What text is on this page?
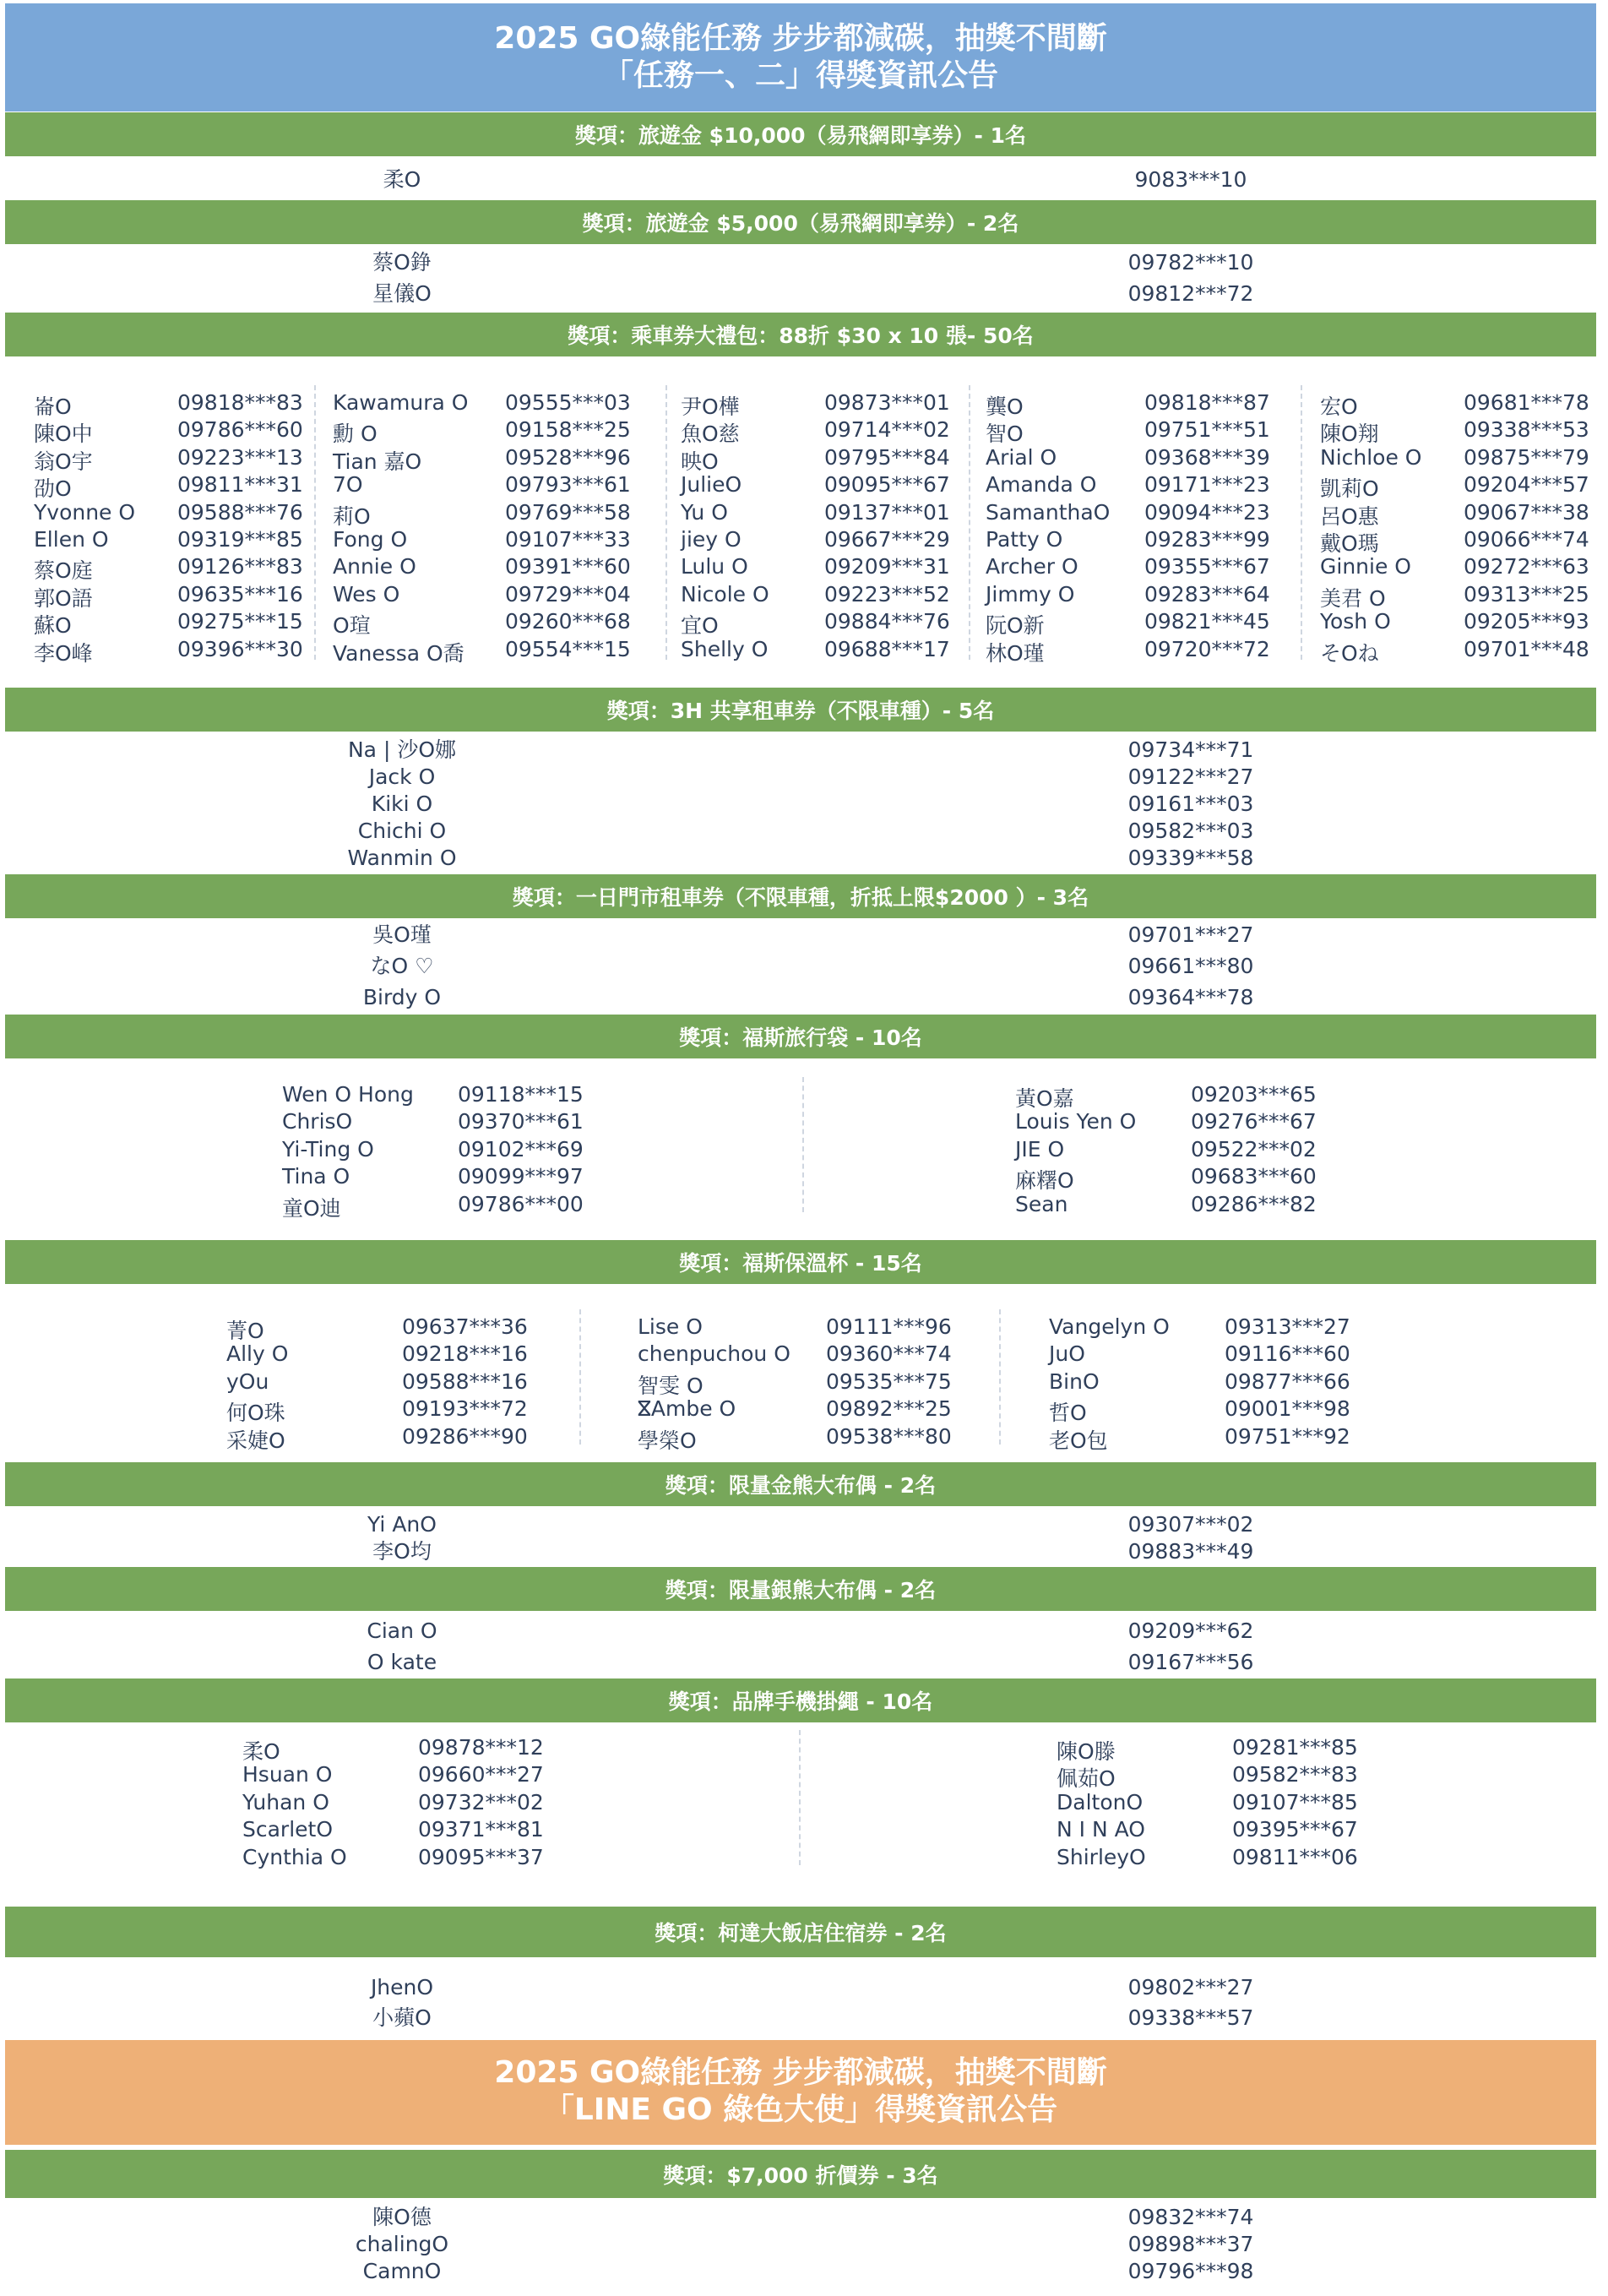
2025 GO綠能任務 步步都減碳，抽獎不間斷
「任務一、二」得獎資訊公告
獎項：旅遊金 $10,000（易飛網即享券）- 1名
獎項：旅遊金 $5,000（易飛網即享券）- 2名
獎項：乘車券大禮包：88折 $30 x 10 張- 50名
獎項：3H 共享租車券（不限車種）- 5名
獎項：一日門市租車券（不限車種，折抵上限$2000 ）- 3名
獎項：福斯旅行袋 - 10名
獎項：福斯保溫杯 - 15名
獎項：限量金熊大布偶 - 2名
獎項：限量銀熊大布偶 - 2名
獎項：品牌手機掛繩 - 10名
獎項：柯達大飯店住宿券 - 2名
2025 GO綠能任務 步步都減碳，抽獎不間斷
「LINE GO 綠色大使」得獎資訊公告
獎項：$7,000 折價券 - 3名
柔O	9083***10
蔡O錚	09782***10
星儀O	09812***72
Na | 沙O娜	09734***71
Jack O	09122***27
Kiki O	09161***03
Chichi O	09582***03
Wanmin O	09339***58
吳O瑾	09701***27
なO ♡	09661***80
Birdy O	09364***78
Yi AnO	09307***02
李O均	09883***49
Cian O	09209***62
O kate	09167***56
JhenO	09802***27
小蘋O	09338***57
陳O德	09832***74
chalingO	09898***37
CamnO	09796***98
崙O	09818***83
陳O中	09786***60
翁O宇	09223***13
劭O	09811***31
Yvonne O 09588***76
Ellen O	09319***85
蔡O庭	09126***83
郭O語	09635***16
蘇O	09275***15
李O峰	09396***30
Kawamura O 09555***03
勳 O	09158***25
Tian 嘉O	09528***96
7O	09793***61
莉O	09769***58
Fong O	09107***33
Annie O	09391***60
Wes O	09729***04
O瑄	09260***68
Vanessa O喬 09554***15
尹O樺	09873***01
魚O慈	09714***02
映O	09795***84
JulieO	09095***67
Yu O	09137***01
jiey O	09667***29
Lulu O	09209***31
Nicole O	09223***52
宜O	09884***76
Shelly O	09688***17
龔O	09818***87
智O	09751***51
Arial O	09368***39
Amanda O 09171***23
SamanthaO 09094***23
Patty O	09283***99
Archer O	09355***67
Jimmy O	09283***64
阮O新	09821***45
林O瑾	09720***72
宏O	09681***78
陳O翔	09338***53
Nichloe O 09875***79
凱莉O	09204***57
呂O惠	09067***38
戴O瑪	09066***74
Ginnie O 09272***63
美君 O	09313***25
Yosh O	09205***93
そOね	09701***48
Wen O Hong 09118***15
ChrisO	09370***61
Yi-Ting O	09102***69
Tina O	09099***97
童O迪	09786***00
黃O嘉	09203***65
Louis Yen O	09276***67
JIE O	09522***02
麻糬O	09683***60
Sean	09286***82
菁O	09637***36
Ally O	09218***16
yOu	09588***16
何O珠	09193***72
采婕O	09286***90
Lise O	09111***96
chenpuchou O 09360***74
智雯 O	09535***75
ⴵAmbe O	09892***25
學榮O	09538***80
Vangelyn O	09313***27
JuO	09116***60
BinO	09877***66
哲O	09001***98
老O包	09751***92
柔O	09878***12
Hsuan O	09660***27
Yuhan O	09732***02
ScarletO	09371***81
Cynthia O	09095***37
陳O滕	09281***85
佩茹O	09582***83
DaltonO	09107***85
N I N AO	09395***67
ShirleyO	09811***06
